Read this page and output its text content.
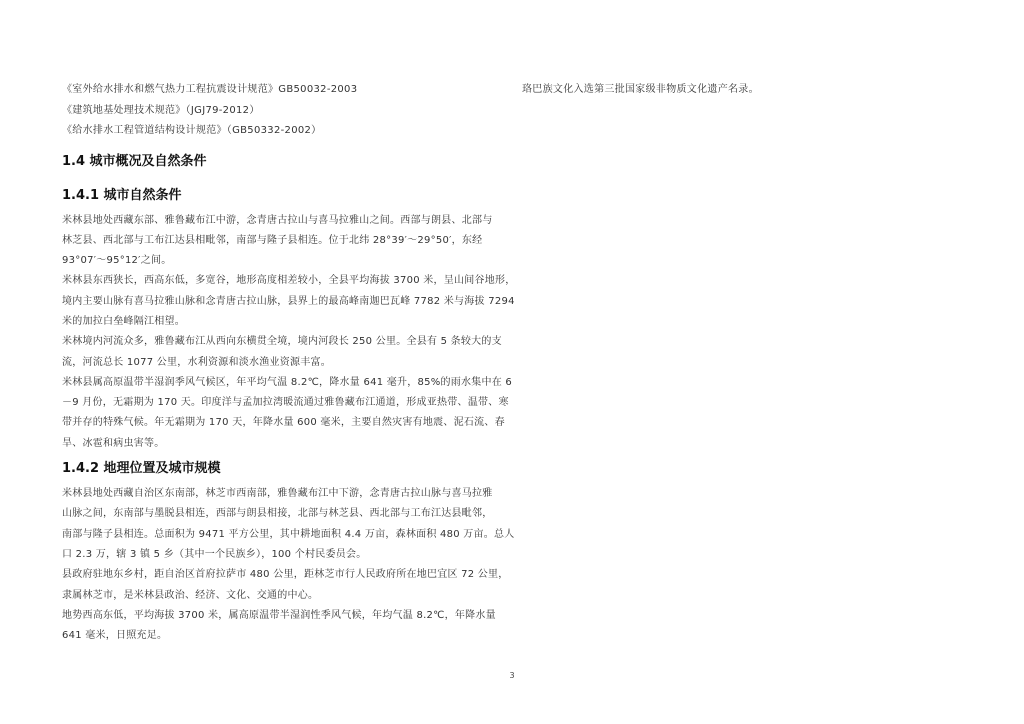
《室外给水排水和燃气热力工程抗震设计规范》GB50032-2003
《建筑地基处理技术规范》（JGJ79-2012）
《给水排水工程管道结构设计规范》（GB50332-2002）
1.4 城市概况及自然条件
1.4.1 城市自然条件
米林县地处西藏东部、雅鲁藏布江中游，念青唐古拉山与喜马拉雅山之间。西部与朗县、北部与
林芝县、西北部与工布江达县相毗邻，南部与隆子县相连。位于北纬 28°39′～29°50′，东经
93°07′～95°12′之间。
米林县东西狭长，西高东低，多宽谷，地形高度相差较小，全县平均海拔 3700 米，呈山间谷地形，
境内主要山脉有喜马拉雅山脉和念青唐古拉山脉，县界上的最高峰南迦巴瓦峰 7782 米与海拔 7294
米的加拉白垒峰隔江相望。
米林境内河流众多，雅鲁藏布江从西向东横贯全境，境内河段长 250 公里。全县有 5 条较大的支
流，河流总长 1077 公里，水利资源和淡水渔业资源丰富。
米林县属高原温带半湿润季风气候区，年平均气温 8.2℃，降水量 641 毫升，85%的雨水集中在 6
－9 月份，无霜期为 170 天。印度洋与孟加拉湾暖流通过雅鲁藏布江通道，形成亚热带、温带、寒
带并存的特殊气候。年无霜期为 170 天，年降水量 600 毫米，主要自然灾害有地震、泥石流、春
旱、冰雹和病虫害等。
1.4.2 地理位置及城市规模
米林县地处西藏自治区东南部，林芝市西南部，雅鲁藏布江中下游，念青唐古拉山脉与喜马拉雅
山脉之间，东南部与墨脱县相连，西部与朗县相接，北部与林芝县、西北部与工布江达县毗邻，
南部与隆子县相连。总面积为 9471 平方公里，其中耕地面积 4.4 万亩，森林面积 480 万亩。总人
口 2.3 万，辖 3 镇 5 乡（其中一个民族乡），100 个村民委员会。
县政府驻地东乡村，距自治区首府拉萨市 480 公里，距林芝市行人民政府所在地巴宜区 72 公里，
隶属林芝市，是米林县政治、经济、文化、交通的中心。
地势西高东低，平均海拔 3700 米，属高原温带半湿润性季风气候，年均气温 8.2℃，年降水量
641 毫米，日照充足。
珞巴族文化入选第三批国家级非物质文化遗产名录。
3
